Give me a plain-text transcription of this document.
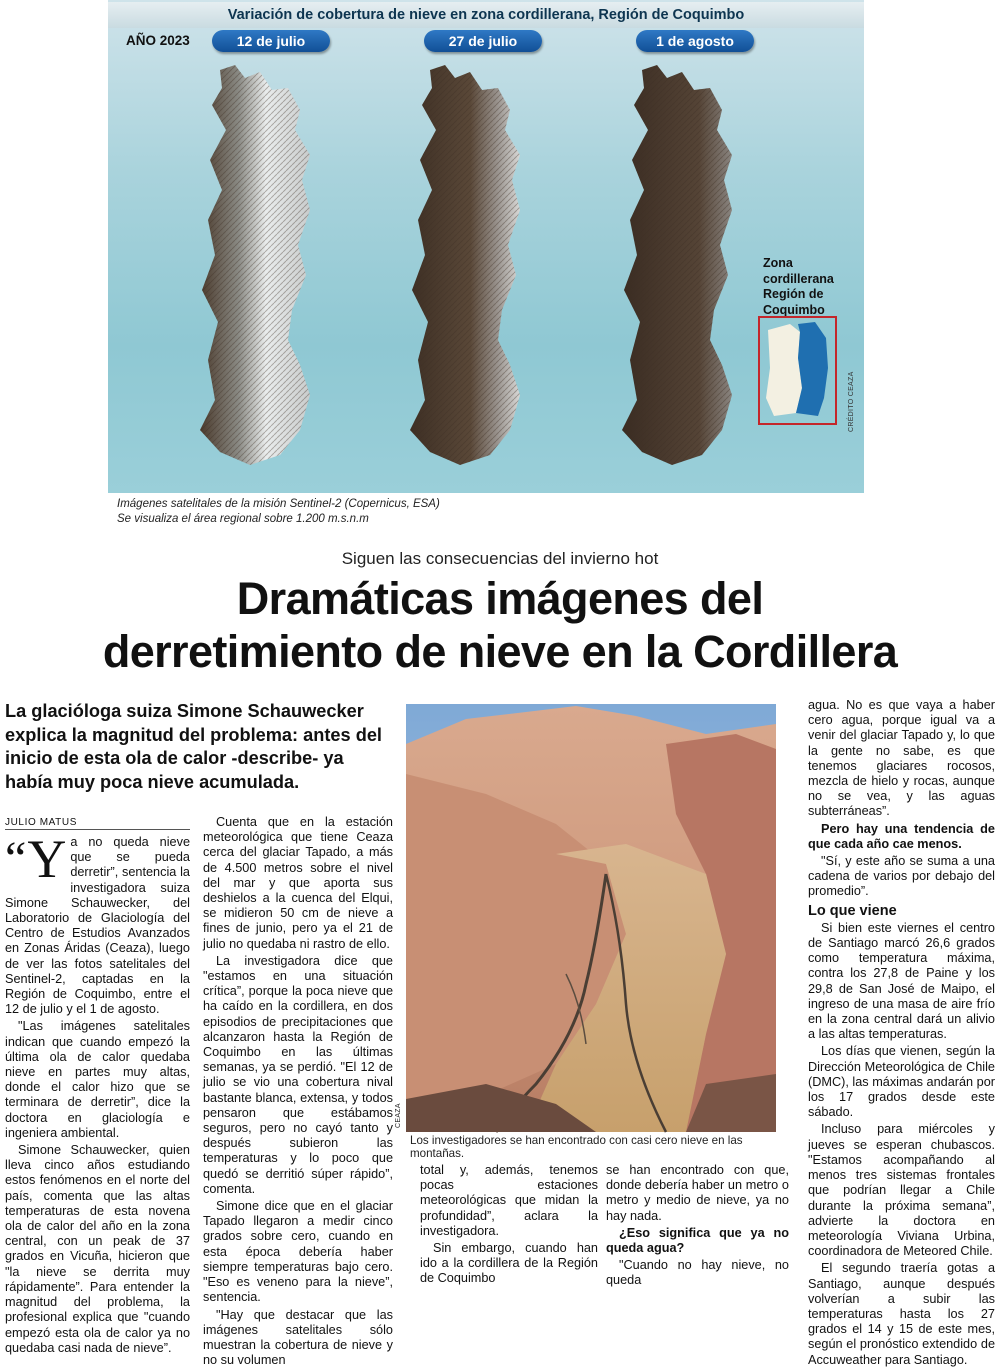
Variación de cobertura de nieve en zona cordillerana, Región de Coquimbo
AÑO 2023	12 de julio	27 de julio	1 de agosto
Zona
cordillerana
Región de
Coquimbo
CRÉDITO CEAZA
Imágenes satelitales de la misión Sentinel-2 (Copernicus, ESA)
Se visualiza el área regional sobre 1.200 m.s.n.m
Siguen las consecuencias del invierno hot
Dramáticas imágenes del
derretimiento de nieve en la Cordillera
La glacióloga suiza Simone Schauwecker explica la magnitud del problema: antes del inicio de esta ola de calor -describe- ya había muy poca nieve acumulada.
JULIO MATUS

“Y a no queda nieve que se pueda derretir”, sentencia la investigadora suiza Simone Schauwecker, del Laboratorio de Glaciología del Centro de Estudios Avanzados en Zonas Áridas (Ceaza), luego de ver las fotos satelitales del Sentinel-2, captadas en la Región de Coquimbo, entre el 12 de julio y el 1 de agosto.

"Las imágenes satelitales indican que cuando empezó la última ola de calor quedaba nieve en partes muy altas, donde el calor hizo que se terminara de derretir”, dice la doctora en glaciología e ingeniera ambiental.

Simone Schauwecker, quien lleva cinco años estudiando estos fenómenos en el norte del país, comenta que las altas temperaturas de esta novena ola de calor del año en la zona central, con un peak de 37 grados en Vicuña, hicieron que "la nieve se derrita muy rápidamente”. Para entender la magnitud del problema, la profesional explica que "cuando empezó esta ola de calor ya no quedaba casi nada de nieve”.

Cuenta que en la estación meteorológica que tiene Ceaza cerca del glaciar Tapado, a más de 4.500 metros sobre el nivel del mar y que aporta sus deshielos a la cuenca del Elqui, se midieron 50 cm de nieve a fines de junio, pero ya el 21 de julio no quedaba ni rastro de ello.

La investigadora dice que "estamos en una situación crítica”, porque la poca nieve que ha caído en la cordillera, en dos episodios de precipitaciones que alcanzaron hasta la Región de Coquimbo en las últimas semanas, ya se perdió. "El 12 de julio se vio una cobertura nival bastante blanca, extensa, y todos pensaron que estábamos seguros, pero no cayó tanto y después subieron las temperaturas y lo poco que quedó se derritió súper rápido”, comenta.

Simone dice que en el glaciar Tapado llegaron a medir cinco grados sobre cero, cuando en esta época debería haber siempre temperaturas bajo cero. "Eso es veneno para la nieve”, sentencia.

"Hay que destacar que las imágenes satelitales sólo muestran la cobertura de nieve y no su volumen

CEAZA
Los investigadores se han encontrado con casi cero nieve en las montañas.

total y, además, tenemos pocas estaciones meteorológicas que midan la profundidad”, aclara la investigadora.

Sin embargo, cuando han ido a la cordillera de la Región de Coquimbo

se han encontrado con que, donde debería haber un metro o metro y medio de nieve, ya no hay nada.

¿Eso significa que ya no queda agua?

"Cuando no hay nieve, no queda

agua. No es que vaya a haber cero agua, porque igual va a venir del glaciar Tapado y, lo que la gente no sabe, es que tenemos glaciares rocosos, mezcla de hielo y rocas, aunque no se vea, y las aguas subterráneas”.

Pero hay una tendencia de que cada año cae menos.

"Sí, y este año se suma a una cadena de varios por debajo del promedio”.

Lo que viene

Si bien este viernes el centro de Santiago marcó 26,6 grados como temperatura máxima, contra los 27,8 de Paine y los 29,8 de San José de Maipo, el ingreso de una masa de aire frío en la zona central dará un alivio a las altas temperaturas.

Los días que vienen, según la Dirección Meteorológica de Chile (DMC), las máximas andarán por los 17 grados desde este sábado.

Incluso para miércoles y jueves se esperan chubascos. "Estamos acompañando al menos tres sistemas frontales que podrían llegar a Chile durante la próxima semana”, advierte la doctora en meteorología Viviana Urbina, coordinadora de Meteored Chile.

El segundo traería gotas a Santiago, aunque después volverían a subir las temperaturas hasta los 27 grados el 14 y 15 de este mes, según el pronóstico extendido de Accuweather para Santiago.
